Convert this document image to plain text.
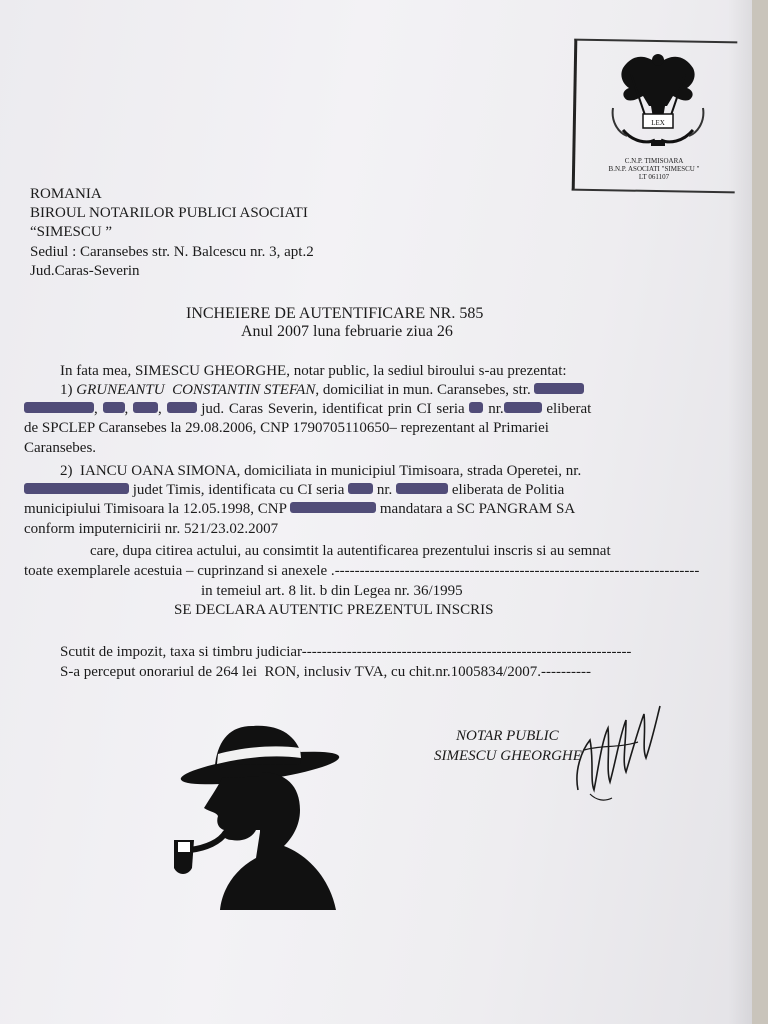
LEX
C.N.P. TIMISOARA
B.N.P. ASOCIATI "SIMESCU "
LT 061107
ROMANIA
BIROUL NOTARILOR PUBLICI ASOCIATI
“SIMESCU ”
Sediul : Caransebes str. N. Balcescu nr. 3, apt.2
Jud.Caras-Severin
INCHEIERE DE AUTENTIFICARE NR. 585
Anul 2007 luna februarie ziua 26
In fata mea, SIMESCU GHEORGHE, notar public, la sediul biroului s-au prezentat:
1) GRUNEANTU  CONSTANTIN STEFAN, domiciliat in mun. Caransebes, str.
, , ,  jud. Caras Severin, identificat prin CI seria nr.	eliberat
de SPCLEP Caransebes la 29.08.2006, CNP 1790705110650– reprezentant al Primariei
Caransebes.
2)  IANCU OANA SIMONA, domiciliata in municipiul Timisoara, strada Operetei, nr.
judet Timis, identificata cu CI seria nr.	eliberata de Politia
municipiului Timisoara la 12.05.1998, CNP	mandatara a SC PANGRAM SA
conform imputernicirii nr. 521/23.02.2007
care, dupa citirea actului, au consimtit la autentificarea prezentului inscris si au semnat
toate exemplarele acestuia – cuprinzand si anexele .-------------------------------------------------------------------------
in temeiul art. 8 lit. b din Legea nr. 36/1995
SE DECLARA AUTENTIC PREZENTUL INSCRIS
Scutit de impozit, taxa si timbru judiciar------------------------------------------------------------------
S-a perceput onorariul de 264 lei  RON, inclusiv TVA, cu chit.nr.1005834/2007.----------
NOTAR PUBLIC
SIMESCU GHEORGHE
